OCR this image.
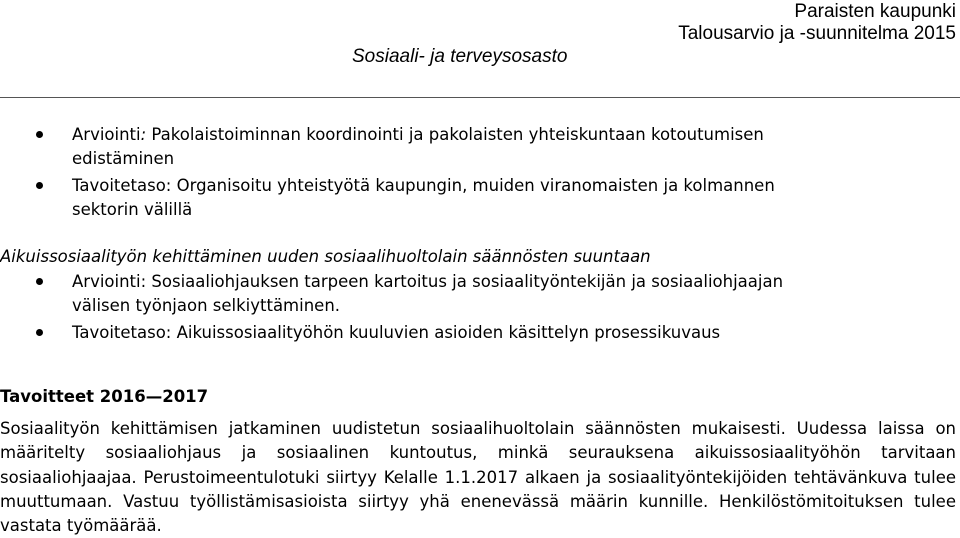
Paraisten kaupunki
Talousarvio ja -suunnitelma 2015
Sosiaali- ja terveysosasto
Arviointi: Pakolaistoiminnan koordinointi ja pakolaisten yhteiskuntaan kotoutumisen
edistäminen
Tavoitetaso: Organisoitu yhteistyötä kaupungin, muiden viranomaisten ja kolmannen
sektorin välillä
Aikuissosiaalityön kehittäminen uuden sosiaalihuoltolain säännösten suuntaan
Arviointi: Sosiaaliohjauksen tarpeen kartoitus ja sosiaalityöntekijän ja sosiaaliohjaajan
välisen työnjaon selkiyttäminen.
Tavoitetaso: Aikuissosiaalityöhön kuuluvien asioiden käsittelyn prosessikuvaus
Tavoitteet 2016—2017
Sosiaalityön kehittämisen jatkaminen uudistetun sosiaalihuoltolain säännösten mukaisesti. Uudessa laissa on määritelty sosiaaliohjaus ja sosiaalinen kuntoutus, minkä seurauksena aikuissosiaalityöhön tarvitaan sosiaaliohjaajaa. Perustoimeentulotuki siirtyy Kelalle 1.1.2017 alkaen ja sosiaalityöntekijöiden tehtävänkuva tulee muuttumaan. Vastuu työllistämisasioista siirtyy yhä enenevässä määrin kunnille. Henkilöstömitoituksen tulee vastata työmäärää.
